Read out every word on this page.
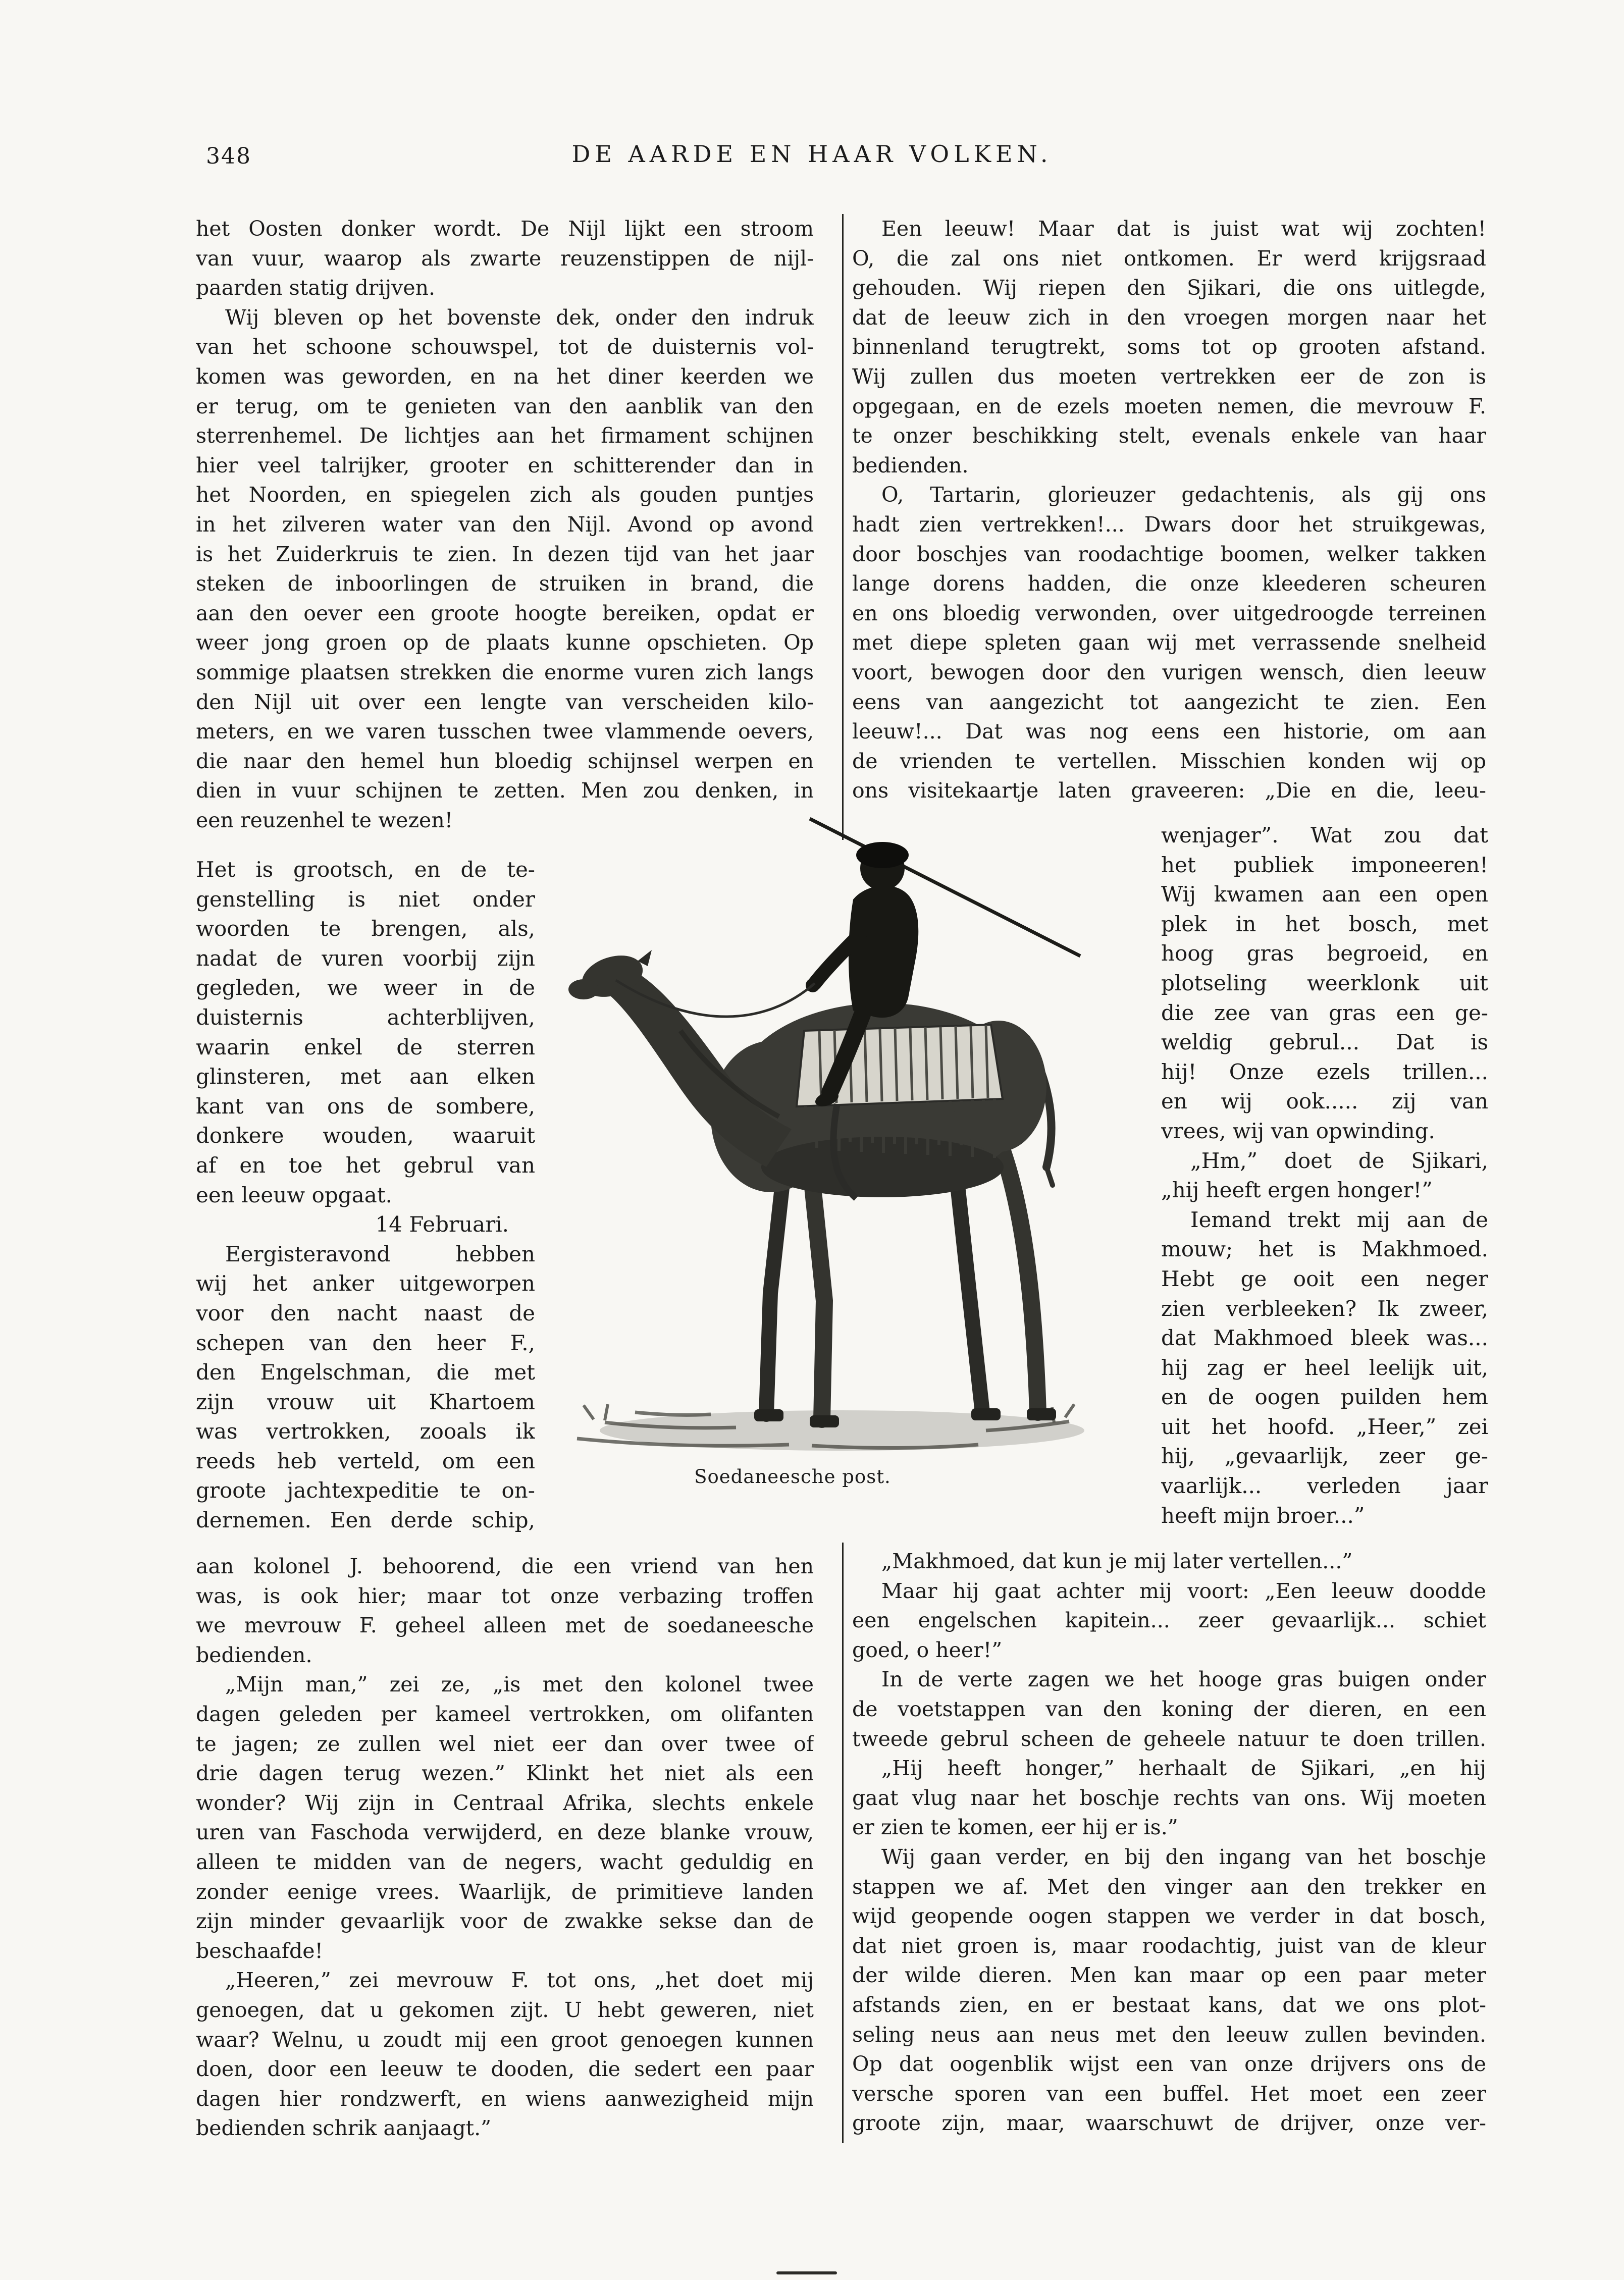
348	DE AARDE EN HAAR VOLKEN.
het Oosten donker wordt. De Nijl lijkt een stroom
van vuur, waarop als zwarte reuzenstippen de nijl-
paarden statig drijven.
Wij bleven op het bovenste dek, onder den indruk
van het schoone schouwspel, tot de duisternis vol-
komen was geworden, en na het diner keerden we
er terug, om te genieten van den aanblik van den
sterrenhemel. De lichtjes aan het firmament schijnen
hier veel talrijker, grooter en schitterender dan in
het Noorden, en spiegelen zich als gouden puntjes
in het zilveren water van den Nijl. Avond op avond
is het Zuiderkruis te zien. In dezen tijd van het jaar
steken de inboorlingen de struiken in brand, die
aan den oever een groote hoogte bereiken, opdat er
weer jong groen op de plaats kunne opschieten. Op
sommige plaatsen strekken die enorme vuren zich langs
den Nijl uit over een lengte van verscheiden kilo-
meters, en we varen tusschen twee vlammende oevers,
die naar den hemel hun bloedig schijnsel werpen en
dien in vuur schijnen te zetten. Men zou denken, in
een reuzenhel te wezen!
Het is grootsch, en de te-
genstelling is niet onder
woorden te brengen, als,
nadat de vuren voorbij zijn
gegleden, we weer in de
duisternis achterblijven,
waarin enkel de sterren
glinsteren, met aan elken
kant van ons de sombere,
donkere wouden, waaruit
af en toe het gebrul van
een leeuw opgaat.
14 Februari.
Eergisteravond hebben
wij het anker uitgeworpen
voor den nacht naast de
schepen van den heer F.,
den Engelschman, die met
zijn vrouw uit Khartoem
was vertrokken, zooals ik
reeds heb verteld, om een
groote jachtexpeditie te on-
dernemen. Een derde schip,
aan kolonel J. behoorend, die een vriend van hen
was, is ook hier; maar tot onze verbazing troffen
we mevrouw F. geheel alleen met de soedaneesche
bedienden.
„Mijn man,” zei ze, „is met den kolonel twee
dagen geleden per kameel vertrokken, om olifanten
te jagen; ze zullen wel niet eer dan over twee of
drie dagen terug wezen.” Klinkt het niet als een
wonder? Wij zijn in Centraal Afrika, slechts enkele
uren van Faschoda verwijderd, en deze blanke vrouw,
alleen te midden van de negers, wacht geduldig en
zonder eenige vrees. Waarlijk, de primitieve landen
zijn minder gevaarlijk voor de zwakke sekse dan de
beschaafde!
„Heeren,” zei mevrouw F. tot ons, „het doet mij
genoegen, dat u gekomen zijt. U hebt geweren, niet
waar? Welnu, u zoudt mij een groot genoegen kunnen
doen, door een leeuw te dooden, die sedert een paar
dagen hier rondzwerft, en wiens aanwezigheid mijn
bedienden schrik aanjaagt.”
Een leeuw! Maar dat is juist wat wij zochten!
O, die zal ons niet ontkomen. Er werd krijgsraad
gehouden. Wij riepen den Sjikari, die ons uitlegde,
dat de leeuw zich in den vroegen morgen naar het
binnenland terugtrekt, soms tot op grooten afstand.
Wij zullen dus moeten vertrekken eer de zon is
opgegaan, en de ezels moeten nemen, die mevrouw F.
te onzer beschikking stelt, evenals enkele van haar
bedienden.
O, Tartarin, glorieuzer gedachtenis, als gij ons
hadt zien vertrekken!... Dwars door het struikgewas,
door boschjes van roodachtige boomen, welker takken
lange dorens hadden, die onze kleederen scheuren
en ons bloedig verwonden, over uitgedroogde terreinen
met diepe spleten gaan wij met verrassende snelheid
voort, bewogen door den vurigen wensch, dien leeuw
eens van aangezicht tot aangezicht te zien. Een
leeuw!... Dat was nog eens een historie, om aan
de vrienden te vertellen. Misschien konden wij op
ons visitekaartje laten graveeren: „Die en die, leeu-
wenjager”. Wat zou dat
het publiek imponeeren!
Wij kwamen aan een open
plek in het bosch, met
hoog gras begroeid, en
plotseling weerklonk uit
die zee van gras een ge-
weldig gebrul... Dat is
hij! Onze ezels trillen...
en wij ook..... zij van
vrees, wij van opwinding.
„Hm,” doet de Sjikari,
„hij heeft ergen honger!”
Iemand trekt mij aan de
mouw; het is Makhmoed.
Hebt ge ooit een neger
zien verbleeken? Ik zweer,
dat Makhmoed bleek was...
hij zag er heel leelijk uit,
en de oogen puilden hem
uit het hoofd. „Heer,” zei
hij, „gevaarlijk, zeer ge-
vaarlijk... verleden jaar
heeft mijn broer...”
„Makhmoed, dat kun je mij later vertellen...”
Maar hij gaat achter mij voort: „Een leeuw doodde
een engelschen kapitein... zeer gevaarlijk... schiet
goed, o heer!”
In de verte zagen we het hooge gras buigen onder
de voetstappen van den koning der dieren, en een
tweede gebrul scheen de geheele natuur te doen trillen.
„Hij heeft honger,” herhaalt de Sjikari, „en hij
gaat vlug naar het boschje rechts van ons. Wij moeten
er zien te komen, eer hij er is.”
Wij gaan verder, en bij den ingang van het boschje
stappen we af. Met den vinger aan den trekker en
wijd geopende oogen stappen we verder in dat bosch,
dat niet groen is, maar roodachtig, juist van de kleur
der wilde dieren. Men kan maar op een paar meter
afstands zien, en er bestaat kans, dat we ons plot-
seling neus aan neus met den leeuw zullen bevinden.
Op dat oogenblik wijst een van onze drijvers ons de
versche sporen van een buffel. Het moet een zeer
groote zijn, maar, waarschuwt de drijver, onze ver-
Soedaneesche post.
